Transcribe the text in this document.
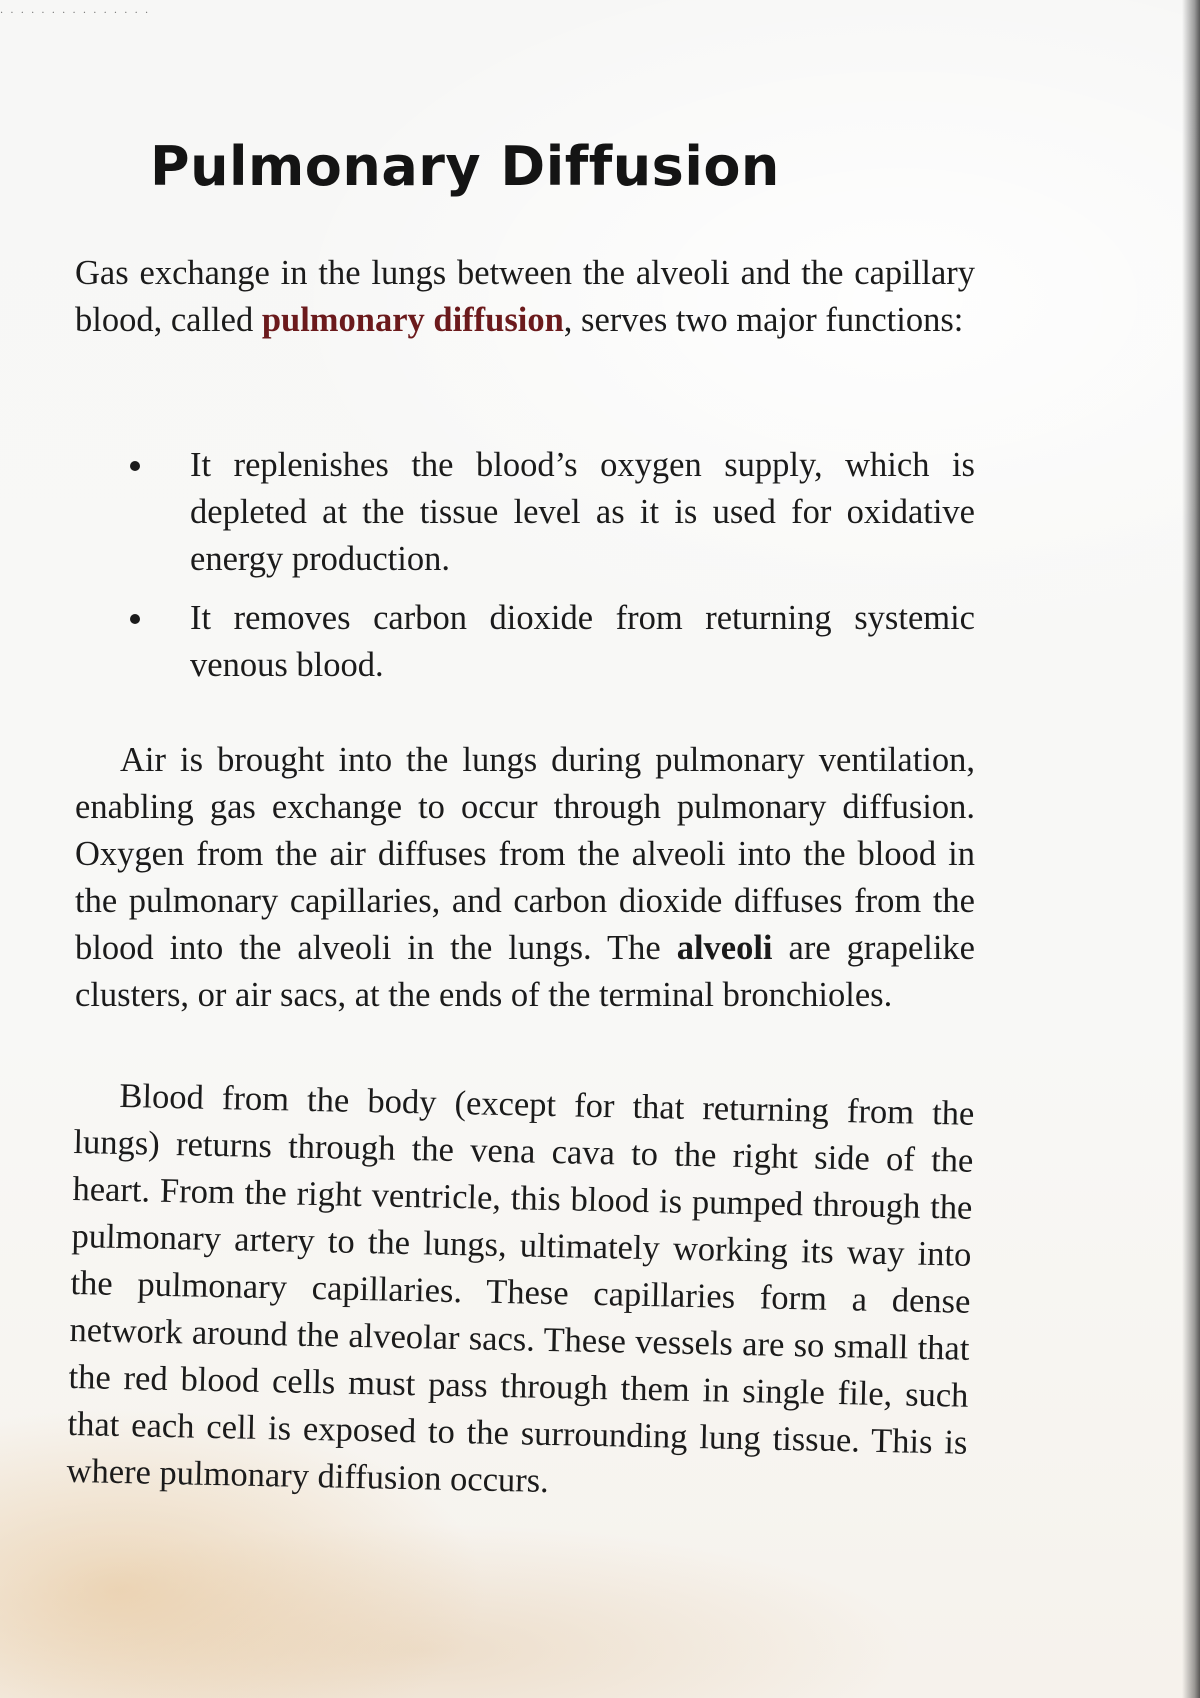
· · · · · · · · · · · · · · ·
Pulmonary Diffusion

Gas exchange in the lungs between the alveoli and the capillary blood, called pulmonary diffusion, serves two major functions:

It replenishes the blood’s oxygen supply, which is depleted at the tissue level as it is used for oxidative energy production.
It removes carbon dioxide from returning systemic venous blood.

Air is brought into the lungs during pulmonary ventilation, enabling gas exchange to occur through pulmonary diffusion. Oxygen from the air diffuses from the alveoli into the blood in the pulmonary capillaries, and carbon dioxide diffuses from the blood into the alveoli in the lungs. The alveoli are grapelike clusters, or air sacs, at the ends of the terminal bronchioles.

Blood from the body (except for that returning from the lungs) returns through the vena cava to the right side of the heart. From the right ventricle, this blood is pumped through the pulmonary artery to the lungs, ultimately working its way into the pulmonary capillaries. These capillaries form a dense network around the alveolar sacs. These vessels are so small that the red blood cells must pass through them in single file, such that each cell is exposed to the surrounding lung tissue. This is where pulmonary diffusion occurs.
